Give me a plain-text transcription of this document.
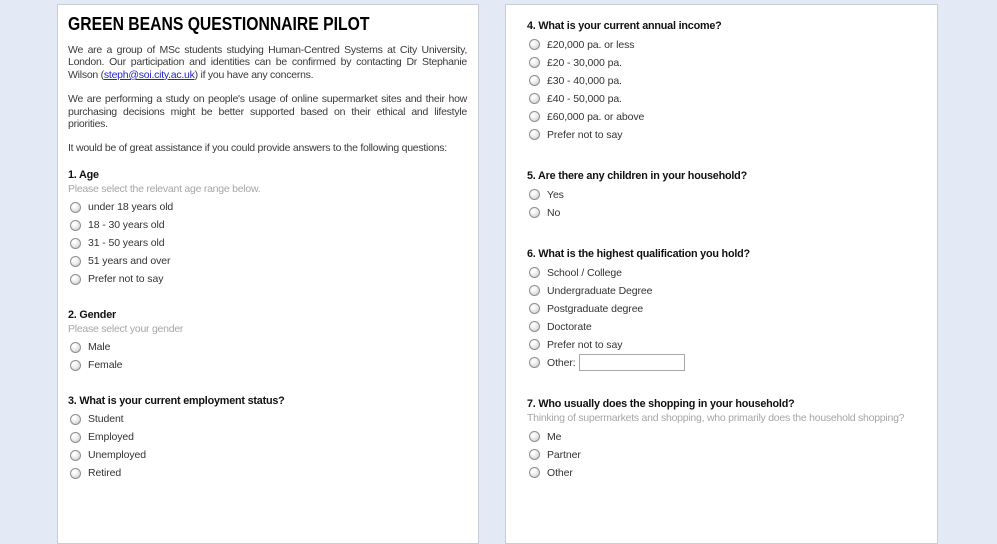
GREEN BEANS QUESTIONNAIRE PILOT

We are a group of MSc students studying Human-Centred Systems at City University, London. Our participation and identities can be confirmed by contacting Dr Stephanie Wilson (steph@soi.city.ac.uk) if you have any concerns.

We are performing a study on people's usage of online supermarket sites and their how purchasing decisions might be better supported based on their ethical and lifestyle priorities.

It would be of great assistance if you could provide answers to the following questions:

1. Age
Please select the relevant age range below.
under 18 years old
18 - 30 years old
31 - 50 years old
51 years and over
Prefer not to say
2. Gender
Please select your gender
Male
Female
3. What is your current employment status?
Student
Employed
Unemployed
Retired
4. What is your current annual income?
£20,000 pa. or less
£20 - 30,000 pa.
£30 - 40,000 pa.
£40 - 50,000 pa.
£60,000 pa. or above
Prefer not to say
5. Are there any children in your household?
Yes
No
6. What is the highest qualification you hold?
School / College
Undergraduate Degree
Postgraduate degree
Doctorate
Prefer not to say
Other:
7. Who usually does the shopping in your household?
Thinking of supermarkets and shopping, who primarily does the household shopping?
Me
Partner
Other
